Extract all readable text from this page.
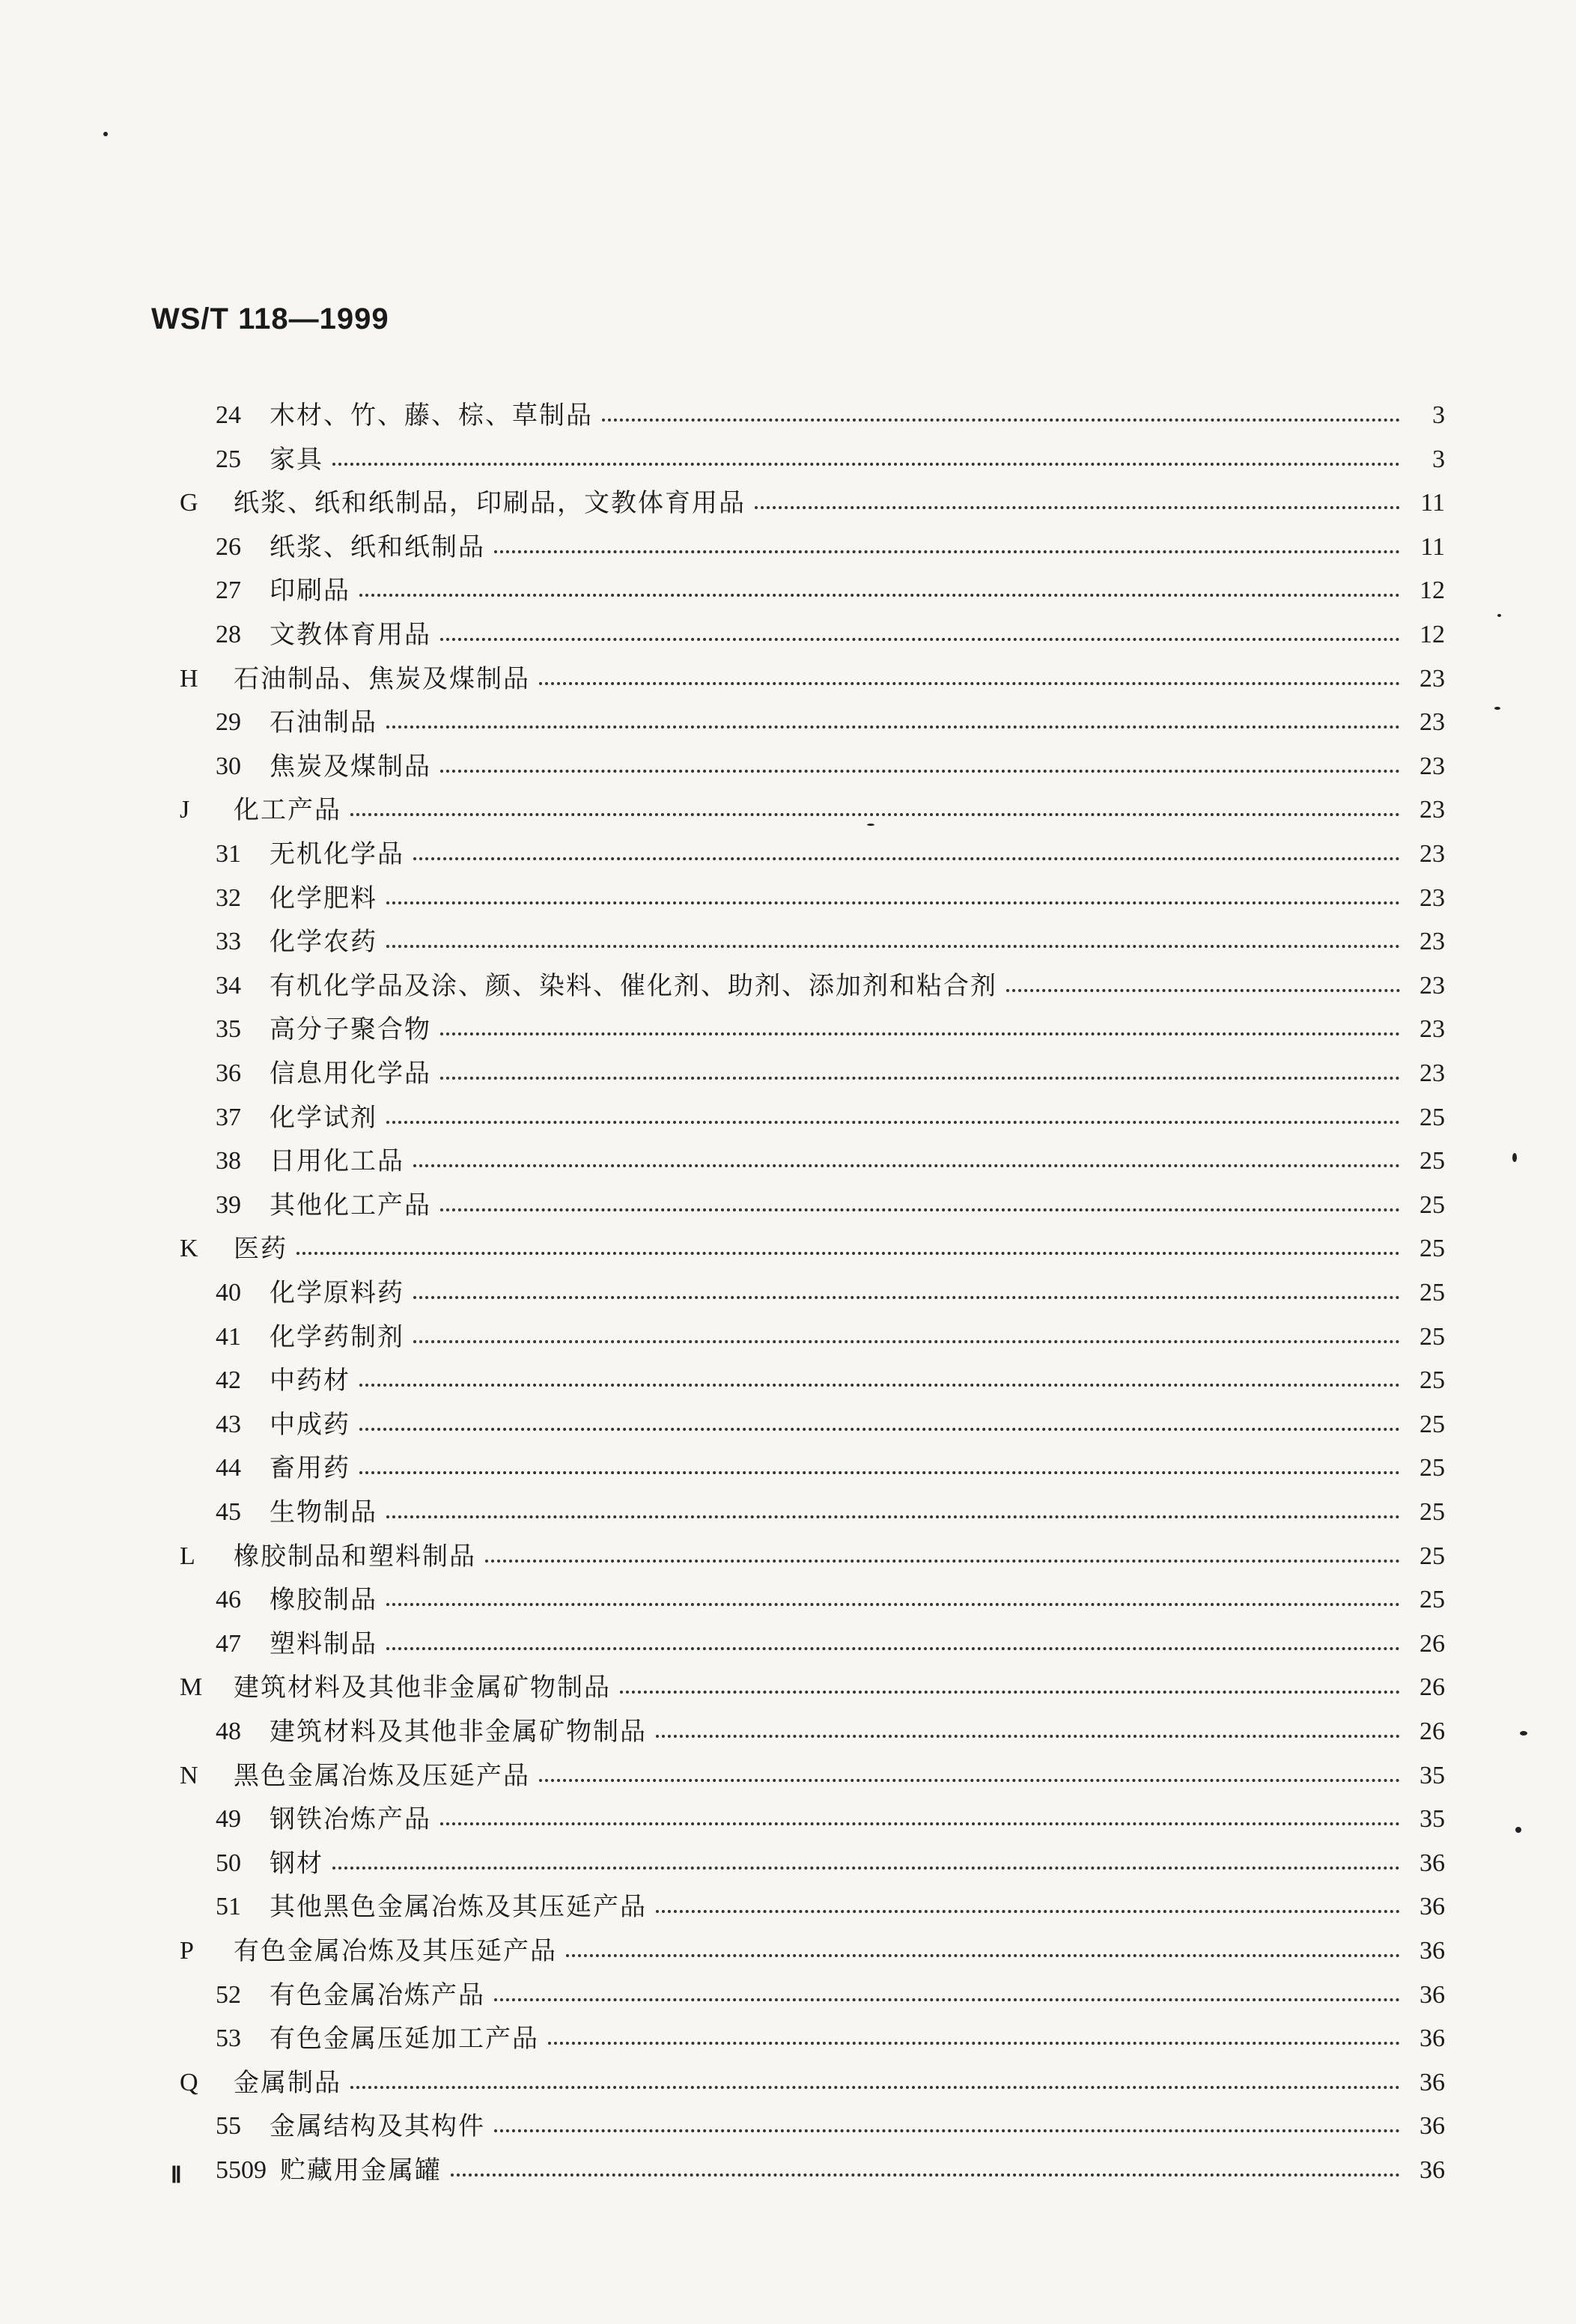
WS/T 118—1999
24	木材、竹、藤、棕、草制品	3
25	家具	3
G	纸浆、纸和纸制品，印刷品，文教体育用品	11
26	纸浆、纸和纸制品	11
27	印刷品	12
28	文教体育用品	12
H	石油制品、焦炭及煤制品	23
29	石油制品	23
30	焦炭及煤制品	23
J	化工产品	23
31	无机化学品	23
32	化学肥料	23
33	化学农药	23
34	有机化学品及涂、颜、染料、催化剂、助剂、添加剂和粘合剂	23
35	高分子聚合物	23
36	信息用化学品	23
37	化学试剂	25
38	日用化工品	25
39	其他化工产品	25
K	医药	25
40	化学原料药	25
41	化学药制剂	25
42	中药材	25
43	中成药	25
44	畜用药	25
45	生物制品	25
L	橡胶制品和塑料制品	25
46	橡胶制品	25
47	塑料制品	26
M	建筑材料及其他非金属矿物制品	26
48	建筑材料及其他非金属矿物制品	26
N	黑色金属冶炼及压延产品	35
49	钢铁冶炼产品	35
50	钢材	36
51	其他黑色金属冶炼及其压延产品	36
P	有色金属冶炼及其压延产品	36
52	有色金属冶炼产品	36
53	有色金属压延加工产品	36
Q	金属制品	36
55	金属结构及其构件	36
5509 贮藏用金属罐	36
Ⅱ
